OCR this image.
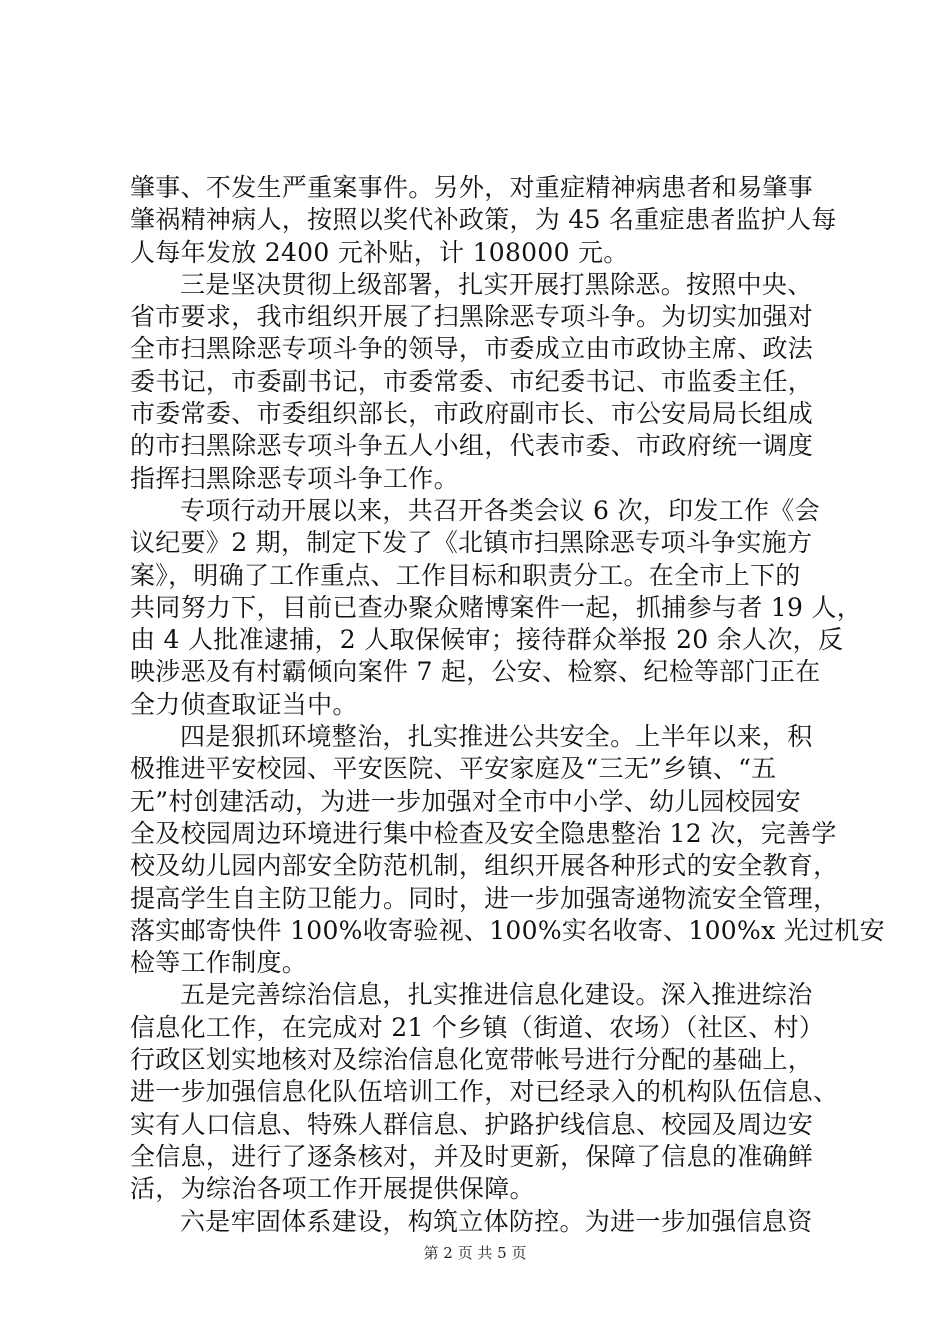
肇事、不发生严重案事件。另外，对重症精神病患者和易肇事
肇祸精神病人，按照以奖代补政策，为 45 名重症患者监护人每
人每年发放 2400 元补贴，计 108000 元。
三是坚决贯彻上级部署，扎实开展打黑除恶。按照中央、
省市要求，我市组织开展了扫黑除恶专项斗争。为切实加强对
全市扫黑除恶专项斗争的领导，市委成立由市政协主席、政法
委书记，市委副书记，市委常委、市纪委书记、市监委主任，
市委常委、市委组织部长，市政府副市长、市公安局局长组成
的市扫黑除恶专项斗争五人小组，代表市委、市政府统一调度
指挥扫黑除恶专项斗争工作。
专项行动开展以来，共召开各类会议 6 次，印发工作《会
议纪要》2 期，制定下发了《北镇市扫黑除恶专项斗争实施方
案》，明确了工作重点、工作目标和职责分工。在全市上下的
共同努力下，目前已查办聚众赌博案件一起，抓捕参与者 19 人，
由 4 人批准逮捕，2 人取保候审；接待群众举报 20 余人次，反
映涉恶及有村霸倾向案件 7 起，公安、检察、纪检等部门正在
全力侦查取证当中。
四是狠抓环境整治，扎实推进公共安全。上半年以来，积
极推进平安校园、平安医院、平安家庭及“三无”乡镇、“五
无”村创建活动，为进一步加强对全市中小学、幼儿园校园安
全及校园周边环境进行集中检查及安全隐患整治 12 次，完善学
校及幼儿园内部安全防范机制，组织开展各种形式的安全教育，
提高学生自主防卫能力。同时，进一步加强寄递物流安全管理，
落实邮寄快件 100%收寄验视、100%实名收寄、100%x 光过机安
检等工作制度。
五是完善综治信息，扎实推进信息化建设。深入推进综治
信息化工作，在完成对 21 个乡镇（街道、农场）（社区、村）
行政区划实地核对及综治信息化宽带帐号进行分配的基础上，
进一步加强信息化队伍培训工作，对已经录入的机构队伍信息、
实有人口信息、特殊人群信息、护路护线信息、校园及周边安
全信息，进行了逐条核对，并及时更新，保障了信息的准确鲜
活，为综治各项工作开展提供保障。
六是牢固体系建设，构筑立体防控。为进一步加强信息资
第 2 页 共 5 页
